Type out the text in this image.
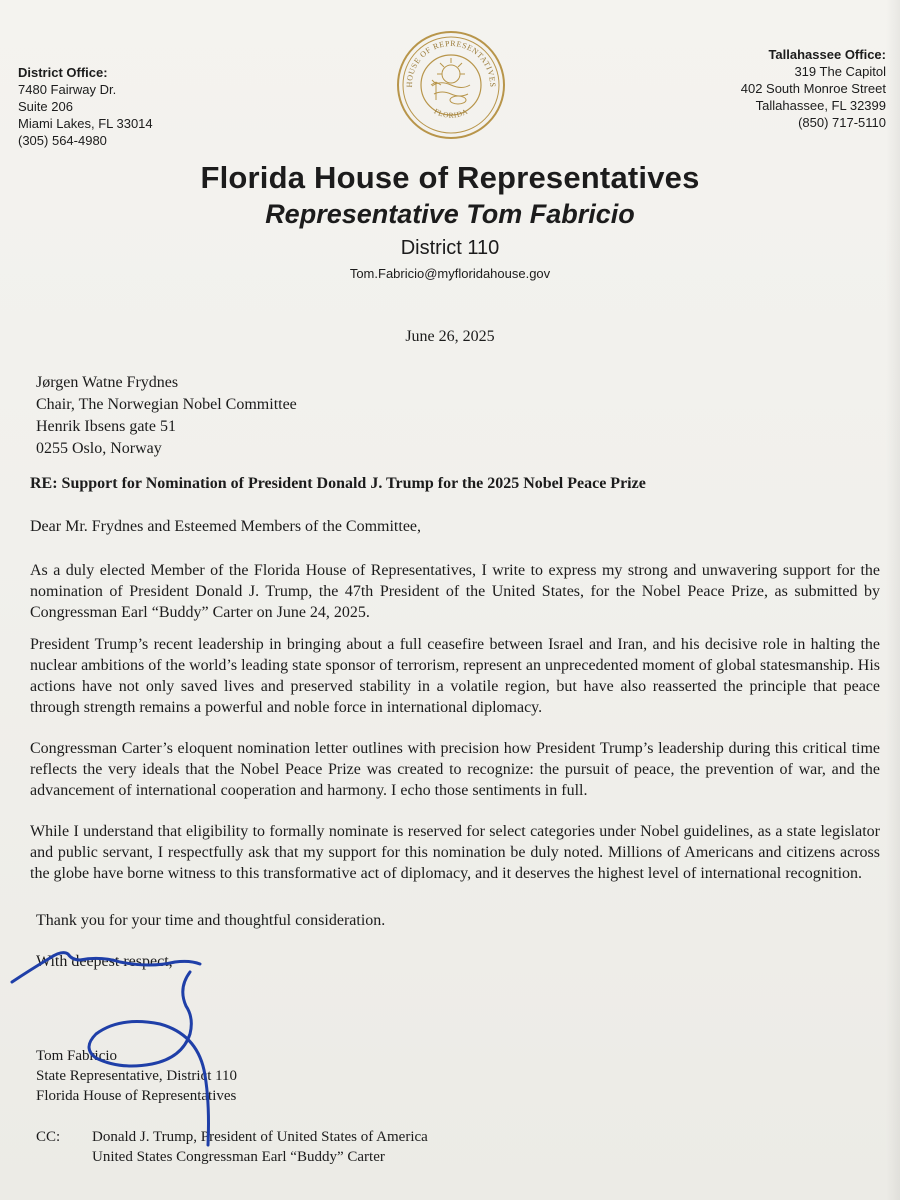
District Office:
7480 Fairway Dr.
Suite 206
Miami Lakes, FL 33014
(305) 564-4980
Tallahassee Office:
319 The Capitol
402 South Monroe Street
Tallahassee, FL 32399
(850) 717-5110
HOUSE OF REPRESENTATIVES
FLORIDA
Florida House of Representatives
Representative Tom Fabricio
District 110
Tom.Fabricio@myfloridahouse.gov
June 26, 2025
Jørgen Watne Frydnes
Chair, The Norwegian Nobel Committee
Henrik Ibsens gate 51
0255 Oslo, Norway
RE: Support for Nomination of President Donald J. Trump for the 2025 Nobel Peace Prize
Dear Mr. Frydnes and Esteemed Members of the Committee,
As a duly elected Member of the Florida House of Representatives, I write to express my strong and unwavering support for the nomination of President Donald J. Trump, the 47th President of the United States, for the Nobel Peace Prize, as submitted by Congressman Earl “Buddy” Carter on June 24, 2025.
President Trump’s recent leadership in bringing about a full ceasefire between Israel and Iran, and his decisive role in halting the nuclear ambitions of the world’s leading state sponsor of terrorism, represent an unprecedented moment of global statesmanship. His actions have not only saved lives and preserved stability in a volatile region, but have also reasserted the principle that peace through strength remains a powerful and noble force in international diplomacy.
Congressman Carter’s eloquent nomination letter outlines with precision how President Trump’s leadership during this critical time reflects the very ideals that the Nobel Peace Prize was created to recognize: the pursuit of peace, the prevention of war, and the advancement of international cooperation and harmony. I echo those sentiments in full.
While I understand that eligibility to formally nominate is reserved for select categories under Nobel guidelines, as a state legislator and public servant, I respectfully ask that my support for this nomination be duly noted. Millions of Americans and citizens across the globe have borne witness to this transformative act of diplomacy, and it deserves the highest level of international recognition.
Thank you for your time and thoughtful consideration.
With deepest respect,
Tom Fabricio
State Representative, District 110
Florida House of Representatives
CC:	Donald J. Trump, President of United States of America
United States Congressman Earl “Buddy” Carter
